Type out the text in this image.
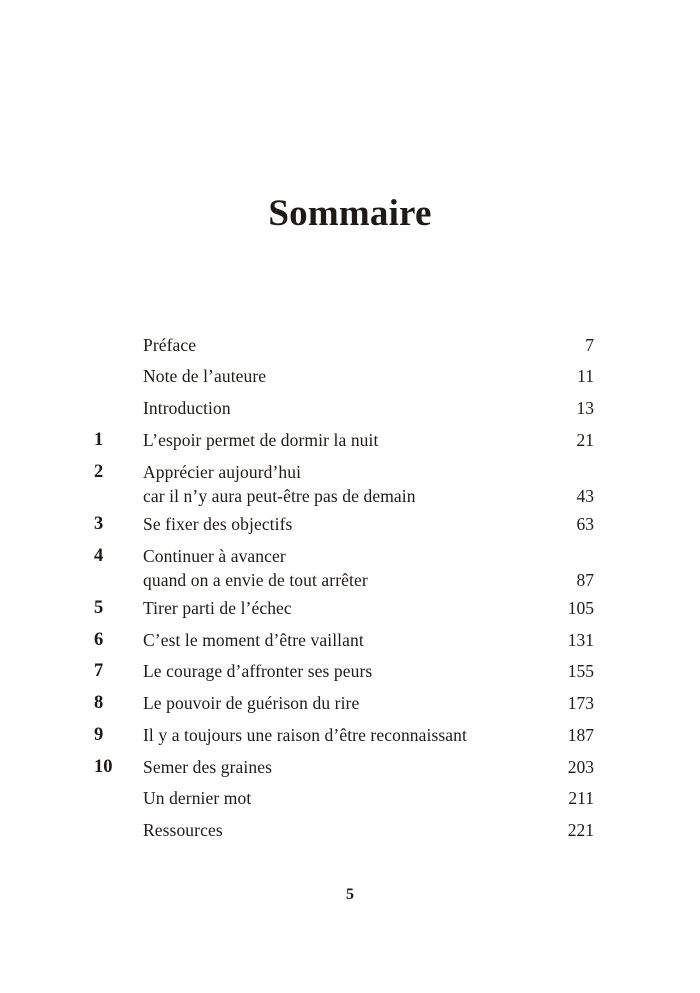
Sommaire
Préface	7
Note de l’auteure	11
Introduction	13
1	L’espoir permet de dormir la nuit	21
2	Apprécier aujourd’hui
car il n’y aura peut-être pas de demain	43
3	Se fixer des objectifs	63
4	Continuer à avancer
quand on a envie de tout arrêter	87
5	Tirer parti de l’échec	105
6	C’est le moment d’être vaillant	131
7	Le courage d’affronter ses peurs	155
8	Le pouvoir de guérison du rire	173
9	Il y a toujours une raison d’être reconnaissant	187
10	Semer des graines	203
Un dernier mot	211
Ressources	221
5
